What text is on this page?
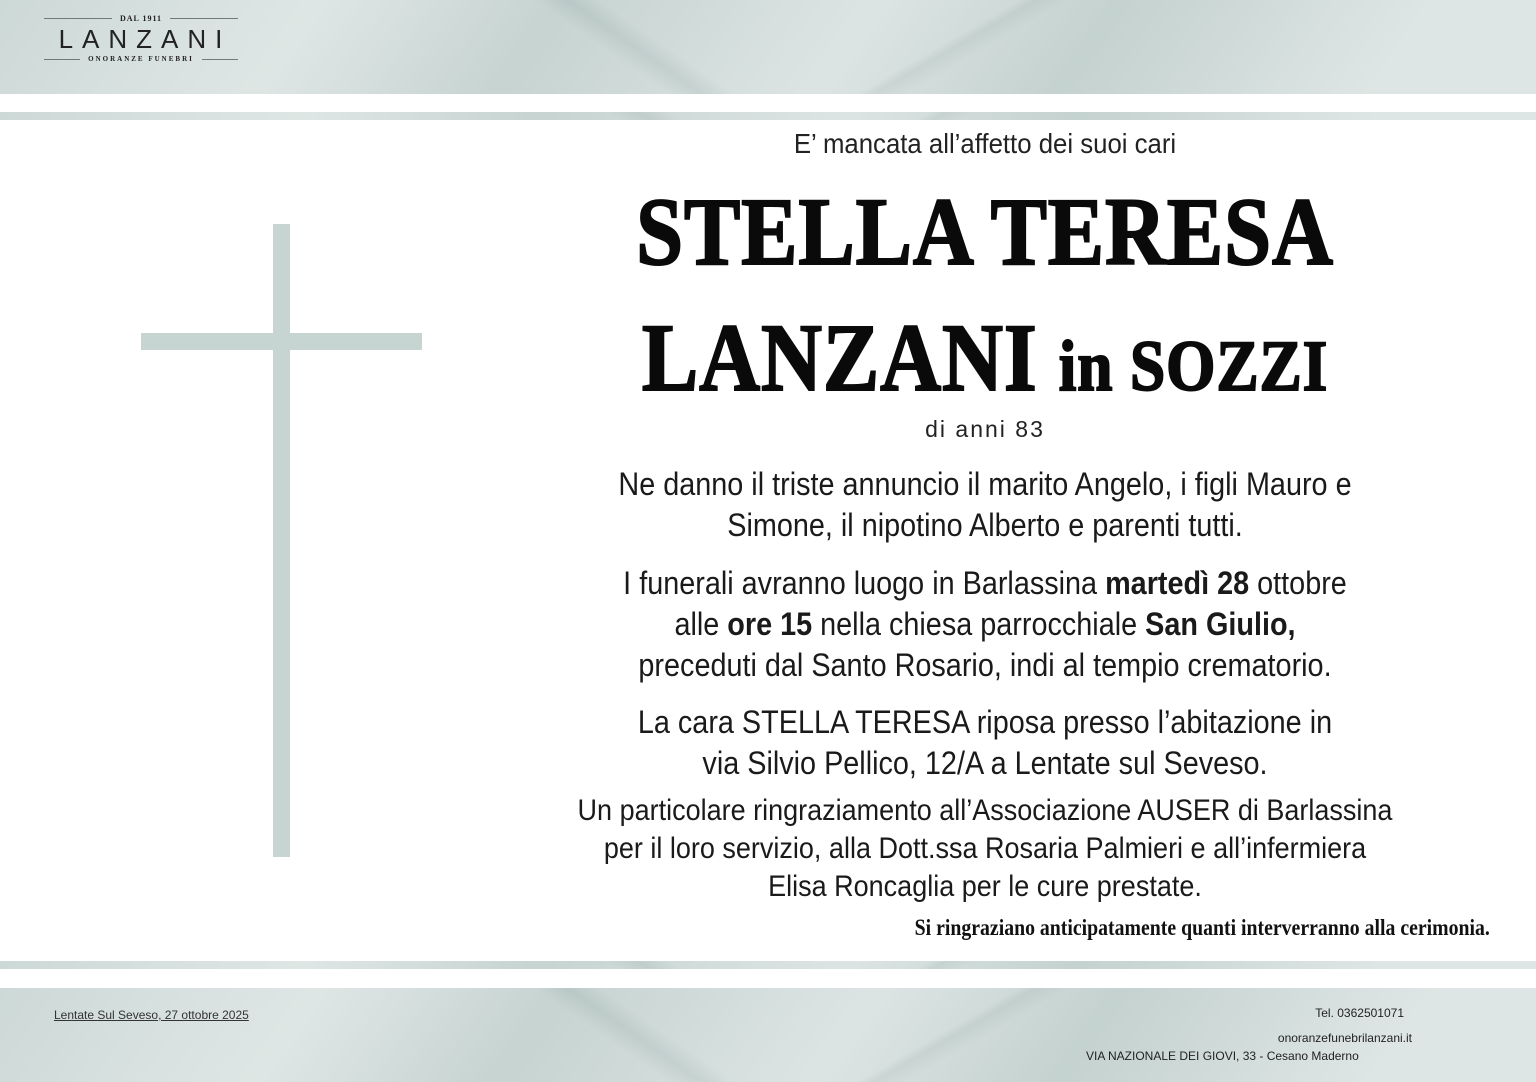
DAL 1911
LANZANI
ONORANZE FUNEBRI
E’ mancata all’affetto dei suoi cari
STELLA TERESA
LANZANI in SOZZI
di anni 83
Ne danno il triste annuncio il marito Angelo, i figli Mauro e
Simone, il nipotino Alberto e parenti tutti.
I funerali avranno luogo in Barlassina martedì 28 ottobre
alle ore 15 nella chiesa parrocchiale San Giulio,
preceduti dal Santo Rosario, indi al tempio crematorio.
La cara STELLA TERESA riposa presso l’abitazione in
via Silvio Pellico, 12/A a Lentate sul Seveso.
Un particolare ringraziamento all’Associazione AUSER di Barlassina
per il loro servizio, alla Dott.ssa Rosaria Palmieri e all’infermiera
Elisa Roncaglia per le cure prestate.
Si ringraziano anticipatamente quanti interverranno alla cerimonia.
Lentate Sul Seveso, 27 ottobre 2025	Tel. 0362501071
onoranzefunebrilanzani.it
VIA NAZIONALE DEI GIOVI, 33 - Cesano Maderno
